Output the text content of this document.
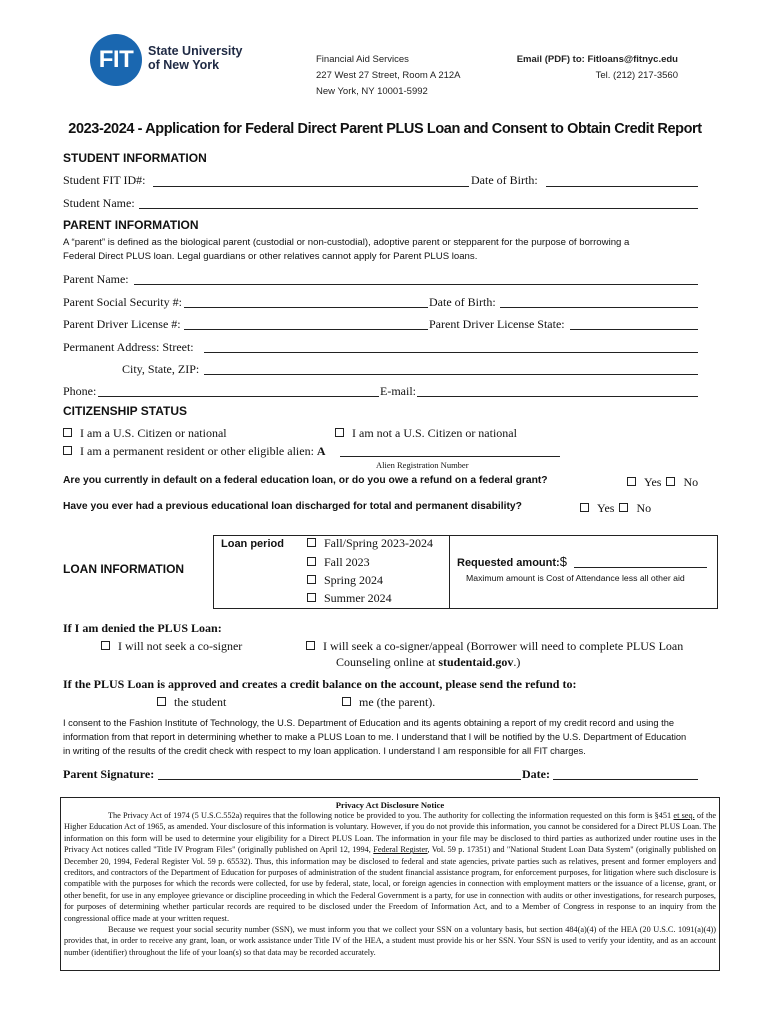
FIT State University
of New York	Financial Aid Services
227 West 27 Street, Room A 212A
New York, NY 10001-5992
Email (PDF) to: Fitloans@fitnyc.edu
Tel. (212) 217-3560
2023-2024 - Application for Federal Direct Parent PLUS Loan and Consent to Obtain Credit Report
STUDENT INFORMATION
Student FIT ID#:	Date of Birth:
Student Name:
PARENT INFORMATION
A “parent” is defined as the biological parent (custodial or non-custodial), adoptive parent or stepparent for the purpose of borrowing a
Federal Direct PLUS loan. Legal guardians or other relatives cannot apply for Parent PLUS loans.
Parent Name:
Parent Social Security #:	Date of Birth:
Parent Driver License #:	Parent Driver License State:
Permanent Address: Street:
City, State, ZIP:
Phone:	E-mail:
CITIZENSHIP STATUS
I am a U.S. Citizen or national	I am not a U.S. Citizen or national
I am a permanent resident or other eligible alien: A
Alien Registration Number
Are you currently in default on a federal education loan, or do you owe a refund on a federal grant?	Yes No
Have you ever had a previous educational loan discharged for total and permanent disability?	Yes No
LOAN INFORMATION
Loan period	Fall/Spring 2023-2024
Fall 2023
Spring 2024
Summer 2024
Requested amount:$
Maximum amount is Cost of Attendance less all other aid
If I am denied the PLUS Loan:
I will not seek a co-signer	I will seek a co-signer/appeal (Borrower will need to complete PLUS Loan
Counseling online at studentaid.gov.)
If the PLUS Loan is approved and creates a credit balance on the account, please send the refund to:
the student	me (the parent).
I consent to the Fashion Institute of Technology, the U.S. Department of Education and its agents obtaining a report of my credit record and using the
information from that report in determining whether to make a PLUS Loan to me. I understand that I will be notified by the U.S. Department of Education
in writing of the results of the credit check with respect to my loan application. I understand I am responsible for all FIT charges.
Parent Signature:	Date:
Privacy Act Disclosure Notice
The Privacy Act of 1974 (5 U.S.C.552a) requires that the following notice be provided to you. The authority for collecting the information requested on this form is §451 et seq. of the Higher Education Act of 1965, as amended. Your disclosure of this information is voluntary. However, if you do not provide this information, you cannot be considered for a Direct PLUS Loan. The information on this form will be used to determine your eligibility for a Direct PLUS Loan. The information in your file may be disclosed to third parties as authorized under routine uses in the Privacy Act notices called "Title IV Program Files" (originally published on April 12, 1994, Federal Register, Vol. 59 p. 17351) and "National Student Loan Data System" (originally published on December 20, 1994, Federal Register Vol. 59 p. 65532). Thus, this information may be disclosed to federal and state agencies, private parties such as relatives, present and former employers and creditors, and contractors of the Department of Education for purposes of administration of the student financial assistance program, for enforcement purposes, for litigation where such disclosure is compatible with the purposes for which the records were collected, for use by federal, state, local, or foreign agencies in connection with employment matters or the issuance of a license, grant, or other benefit, for use in any employee grievance or discipline proceeding in which the Federal Government is a party, for use in connection with audits or other investigations, for research purposes, for purposes of determining whether particular records are required to be disclosed under the Freedom of Information Act, and to a Member of Congress in response to an inquiry from the congressional office made at your written request.
Because we request your social security number (SSN), we must inform you that we collect your SSN on a voluntary basis, but section 484(a)(4) of the HEA (20 U.S.C. 1091(a)(4)) provides that, in order to receive any grant, loan, or work assistance under Title IV of the HEA, a student must provide his or her SSN. Your SSN is used to verify your identity, and as an account number (identifier) throughout the life of your loan(s) so that data may be recorded accurately.
